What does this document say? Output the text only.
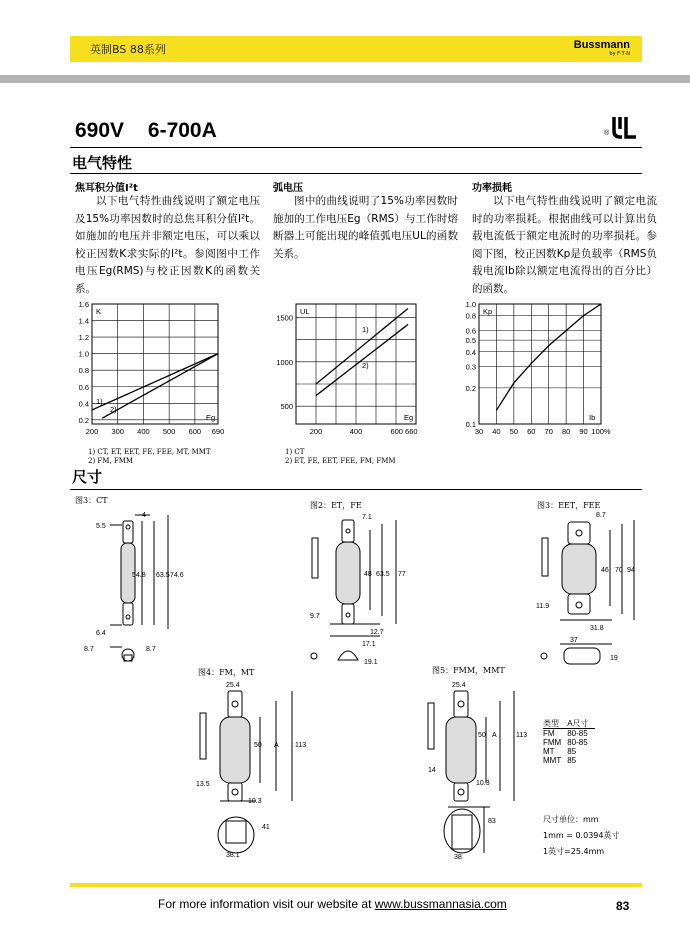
Bussmann
by F·T·N
英制BS 88系列
690V 6-700A	®
电气特性
焦耳积分值I²t	弧电压	功率损耗
以下电气特性曲线说明了额定电压及15%功率因数时的总焦耳积分值I²t。如施加的电压并非额定电压，可以乘以校正因数K求实际的I²t。参阅图中工作电压Eg(RMS)与校正因数K的函数关系。
图中的曲线说明了15%功率因数时施加的工作电压Eg（RMS）与工作时熔断器上可能出现的峰值弧电压UL的函数关系。
以下电气特性曲线说明了额定电流时的功率损耗。根据曲线可以计算出负载电流低于额定电流时的功率损耗。参阅下图，校正因数Kp是负载率（RMS负载电流Ib除以额定电流得出的百分比）的函数。
200 300 400 500 600 690
0.2
0.4
0.6
0.8
1.0
1.2
1.4
1.6
K
Eg
1)
2)
200	400	600 660
500
1000
1500
UL
Eg
1)
2)
30 40 50 60 70 80 90 100%
0.1
0.2
0.3
0.4
0.5
0.6
0.8
1.0
Kp
Ib
1) CT, ET, EET, FE, FEE, MT, MMT
2) FM, FMM
1) CT
2) ET, FE, EET, FEE, FM, FMM
尺寸
图3：CT
图2：ET，FE	图3：EET，FEE
图4：FM，MT	图5：FMM，MMT
4
5.5
54.8 63.5 74.6
6.4
8.7	8.7
7.1
48 63.5 77
9.7
12.7
17.1
19.1
8.7
46 70 94
11.9
31.8
37
19
25.4
50 A 113
13.5
10.3
41
38.1
25.4
50 A	113
14
10.3
83
38
类型	A尺寸
FM	80-85
FMM	80-85
MT	85
MMT	85
尺寸单位：mm
1mm = 0.0394英寸
1英寸=25.4mm
For more information visit our website at www.bussmannasia.com	83
